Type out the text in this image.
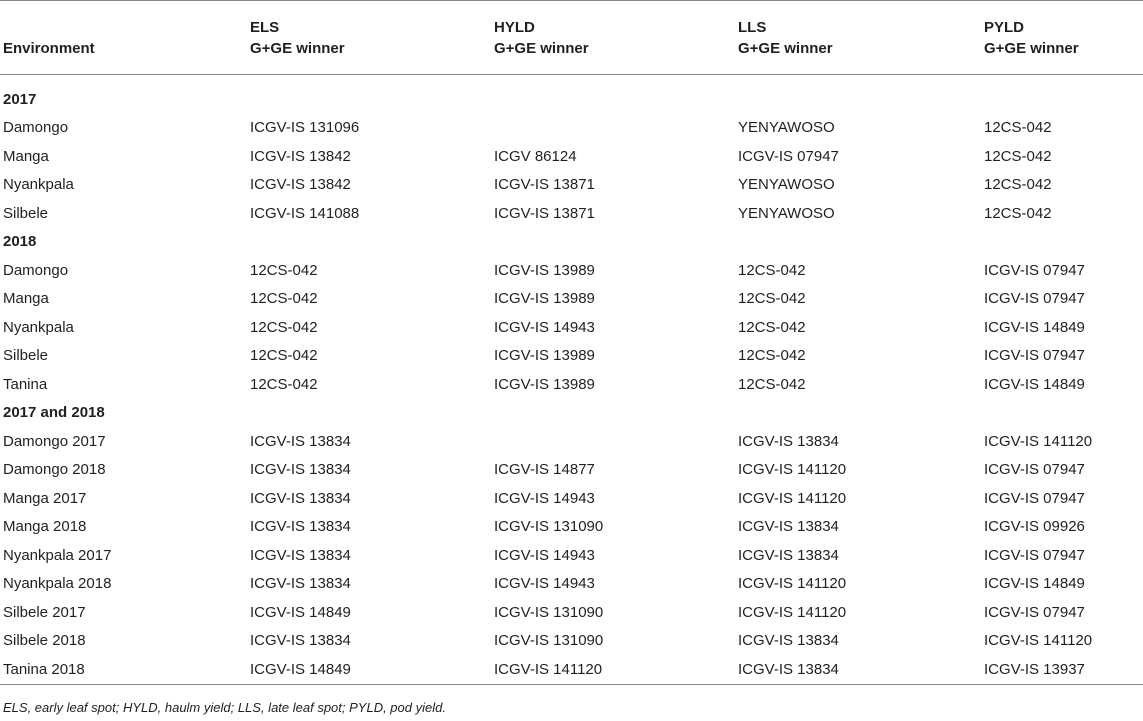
	ELS	HYLD	LLS	PYLD
Environment	G+GE winner	G+GE winner	G+GE winner	G+GE winner
2017				
Damongo	ICGV-IS 131096		YENYAWOSO	12CS-042
Manga	ICGV-IS 13842	ICGV 86124	ICGV-IS 07947	12CS-042
Nyankpala	ICGV-IS 13842	ICGV-IS 13871	YENYAWOSO	12CS-042
Silbele	ICGV-IS 141088	ICGV-IS 13871	YENYAWOSO	12CS-042
2018				
Damongo	12CS-042	ICGV-IS 13989	12CS-042	ICGV-IS 07947
Manga	12CS-042	ICGV-IS 13989	12CS-042	ICGV-IS 07947
Nyankpala	12CS-042	ICGV-IS 14943	12CS-042	ICGV-IS 14849
Silbele	12CS-042	ICGV-IS 13989	12CS-042	ICGV-IS 07947
Tanina	12CS-042	ICGV-IS 13989	12CS-042	ICGV-IS 14849
2017 and 2018				
Damongo 2017	ICGV-IS 13834		ICGV-IS 13834	ICGV-IS 141120
Damongo 2018	ICGV-IS 13834	ICGV-IS 14877	ICGV-IS 141120	ICGV-IS 07947
Manga 2017	ICGV-IS 13834	ICGV-IS 14943	ICGV-IS 141120	ICGV-IS 07947
Manga 2018	ICGV-IS 13834	ICGV-IS 131090	ICGV-IS 13834	ICGV-IS 09926
Nyankpala 2017	ICGV-IS 13834	ICGV-IS 14943	ICGV-IS 13834	ICGV-IS 07947
Nyankpala 2018	ICGV-IS 13834	ICGV-IS 14943	ICGV-IS 141120	ICGV-IS 14849
Silbele 2017	ICGV-IS 14849	ICGV-IS 131090	ICGV-IS 141120	ICGV-IS 07947
Silbele 2018	ICGV-IS 13834	ICGV-IS 131090	ICGV-IS 13834	ICGV-IS 141120
Tanina 2018	ICGV-IS 14849	ICGV-IS 141120	ICGV-IS 13834	ICGV-IS 13937
ELS, early leaf spot; HYLD, haulm yield; LLS, late leaf spot; PYLD, pod yield.
